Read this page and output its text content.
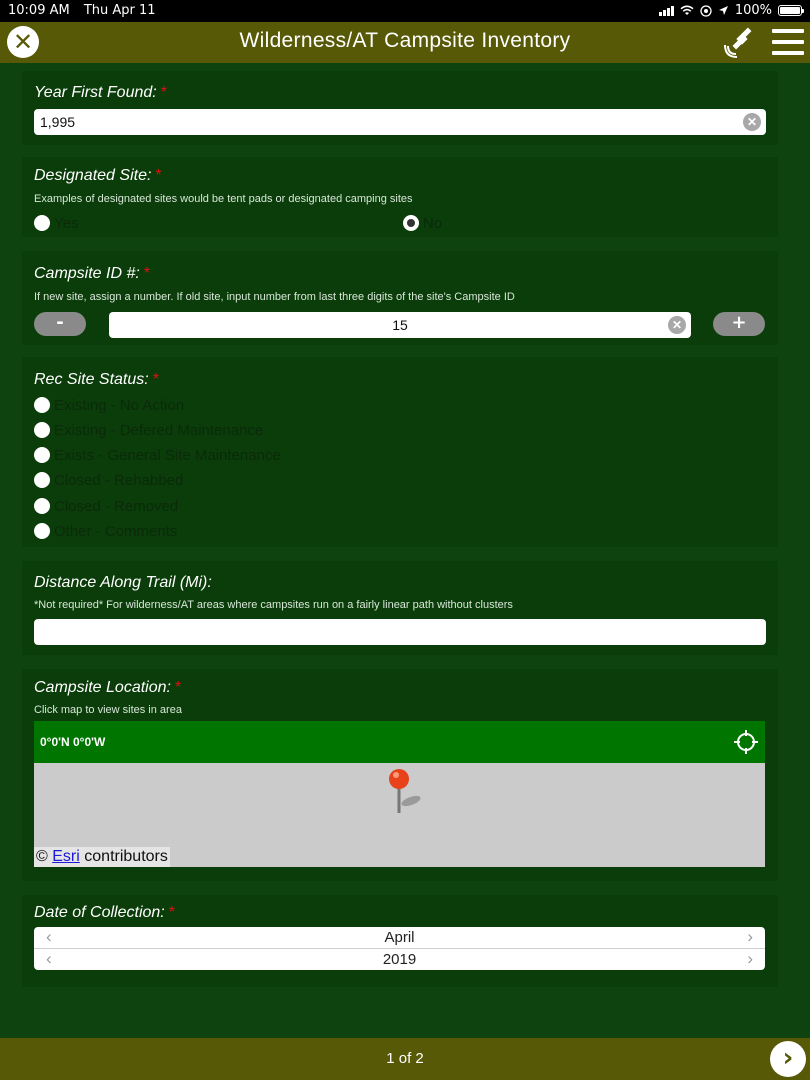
10:09 AM Thu Apr 11	100%
✕	Wilderness/AT Campsite Inventory
Year First Found: *
1,995	✕
Designated Site: *
Examples of designated sites would be tent pads or designated camping sites
Yes	No
Campsite ID #: *
If new site, assign a number. If old site, input number from last three digits of the site's Campsite ID
-	15	✕	+
Rec Site Status: *
Existing - No Action
Existing - Defered Maintenance
Exists - General Site Maintenance
Closed - Rehabbed
Closed - Removed
Other - Comments
Distance Along Trail (Mi):
*Not required* For wilderness/AT areas where campsites run on a fairly linear path without clusters
Campsite Location: *
Click map to view sites in area
0°0'N 0°0'W
© Esri contributors
Date of Collection: *
‹	April	›
‹	2019	›
1 of 2	›
